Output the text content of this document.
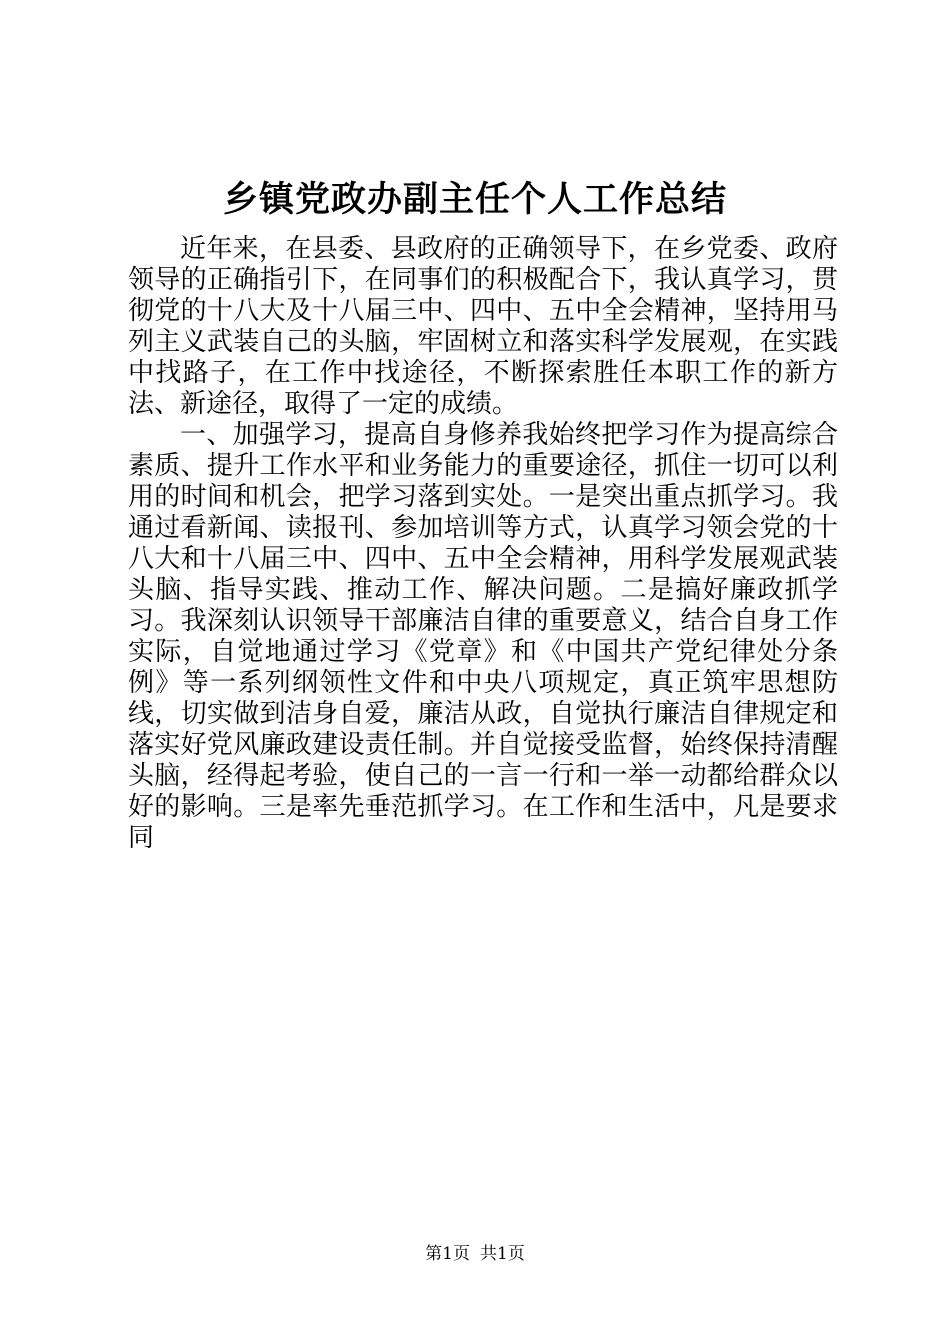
乡镇党政办副主任个人工作总结

近年来，在县委、县政府的正确领导下，在乡党委、政府领导的正确指引下，在同事们的积极配合下，我认真学习，贯彻党的十八大及十八届三中、四中、五中全会精神，坚持用马列主义武装自己的头脑，牢固树立和落实科学发展观，在实践中找路子，在工作中找途径，不断探索胜任本职工作的新方法、新途径，取得了一定的成绩。

一、加强学习，提高自身修养我始终把学习作为提高综合素质、提升工作水平和业务能力的重要途径，抓住一切可以利用的时间和机会，把学习落到实处。一是突出重点抓学习。我通过看新闻、读报刊、参加培训等方式，认真学习领会党的十八大和十八届三中、四中、五中全会精神，用科学发展观武装头脑、指导实践、推动工作、解决问题。二是搞好廉政抓学习。我深刻认识领导干部廉洁自律的重要意义，结合自身工作实际，自觉地通过学习《党章》和《中国共产党纪律处分条例》等一系列纲领性文件和中央八项规定，真正筑牢思想防线，切实做到洁身自爱，廉洁从政，自觉执行廉洁自律规定和落实好党风廉政建设责任制。并自觉接受监督，始终保持清醒头脑，经得起考验，使自己的一言一行和一举一动都给群众以好的影响。三是率先垂范抓学习。在工作和生活中，凡是要求同

第1页 共1页
